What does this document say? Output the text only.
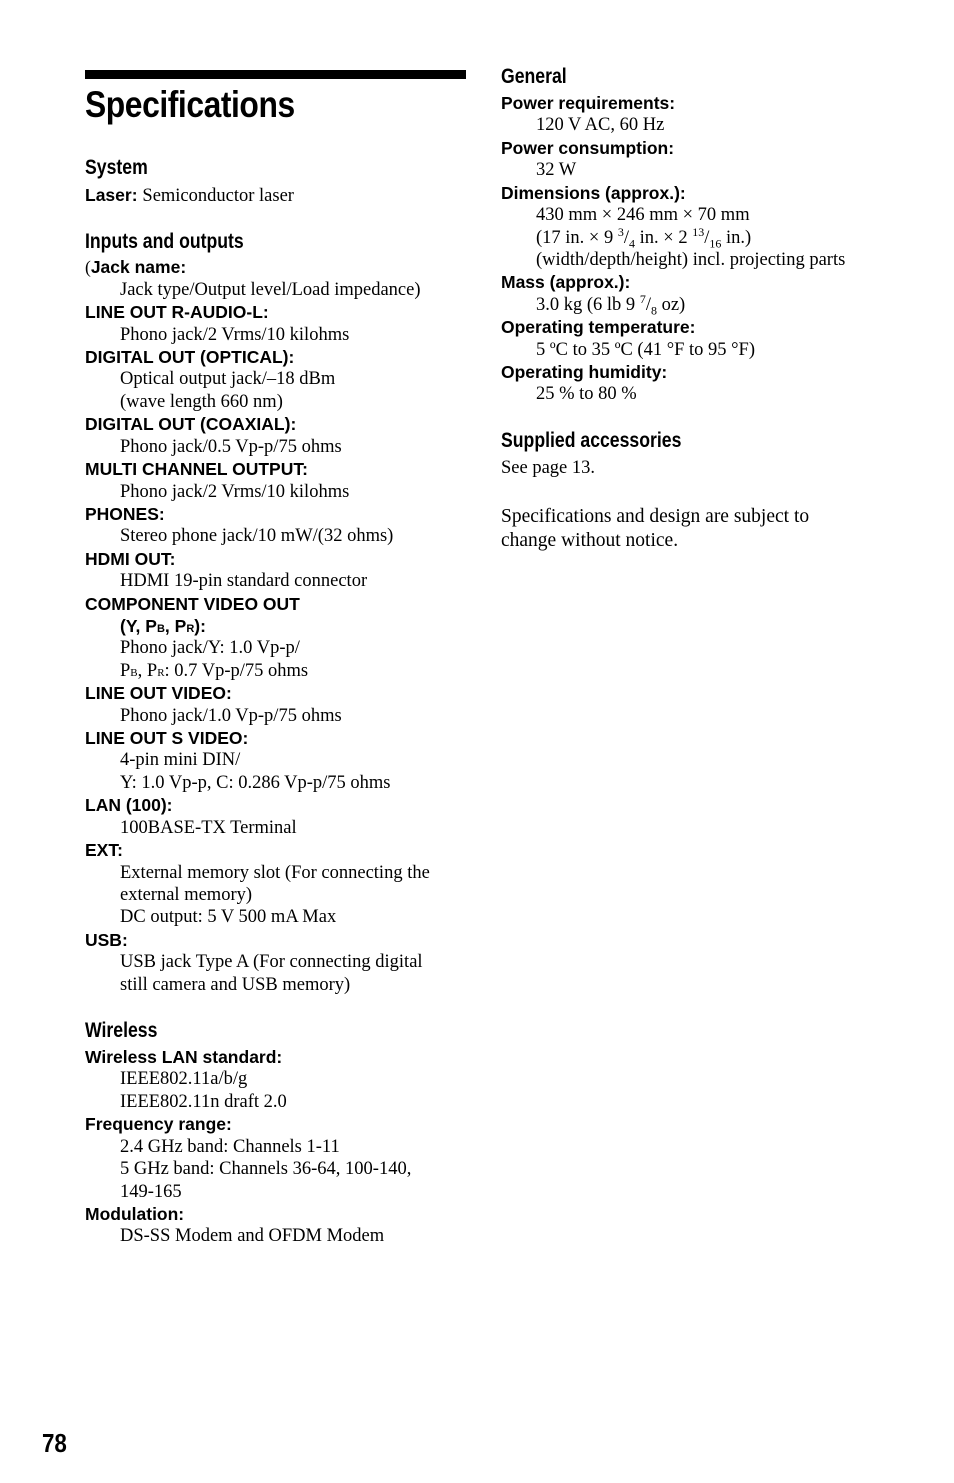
Specifications
System
Laser: Semiconductor laser
Inputs and outputs
(Jack name:
Jack type/Output level/Load impedance)
LINE OUT R-AUDIO-L:
Phono jack/2 Vrms/10 kilohms
DIGITAL OUT (OPTICAL):
Optical output jack/–18 dBm
(wave length 660 nm)
DIGITAL OUT (COAXIAL):
Phono jack/0.5 Vp-p/75 ohms
MULTI CHANNEL OUTPUT:
Phono jack/2 Vrms/10 kilohms
PHONES:
Stereo phone jack/10 mW/(32 ohms)
HDMI OUT:
HDMI 19-pin standard connector
COMPONENT VIDEO OUT
(Y, PB, PR):
Phono jack/Y: 1.0 Vp-p/
PB, PR: 0.7 Vp-p/75 ohms
LINE OUT VIDEO:
Phono jack/1.0 Vp-p/75 ohms
LINE OUT S VIDEO:
4-pin mini DIN/
Y: 1.0 Vp-p, C: 0.286 Vp-p/75 ohms
LAN (100):
100BASE-TX Terminal
EXT:
External memory slot (For connecting the
external memory)
DC output: 5 V 500 mA Max
USB:
USB jack Type A (For connecting digital
still camera and USB memory)
Wireless
Wireless LAN standard:
IEEE802.11a/b/g
IEEE802.11n draft 2.0
Frequency range:
2.4 GHz band: Channels 1-11
5 GHz band: Channels 36-64, 100-140,
149-165
Modulation:
DS-SS Modem and OFDM Modem
General
Power requirements:
120 V AC, 60 Hz
Power consumption:
32 W
Dimensions (approx.):
430 mm × 246 mm × 70 mm
(17 in. × 9 $^3/_4$ in. × 2 $^{13}/_{16}$ in.)
(width/depth/height) incl. projecting parts
Mass (approx.):
3.0 kg (6 lb 9 $^7/_8$ oz)
Operating temperature:
5 ºC to 35 ºC (41 °F to 95 °F)
Operating humidity:
25 % to 80 %
Supplied accessories
See page 13.
Specifications and design are subject to
change without notice.
78
